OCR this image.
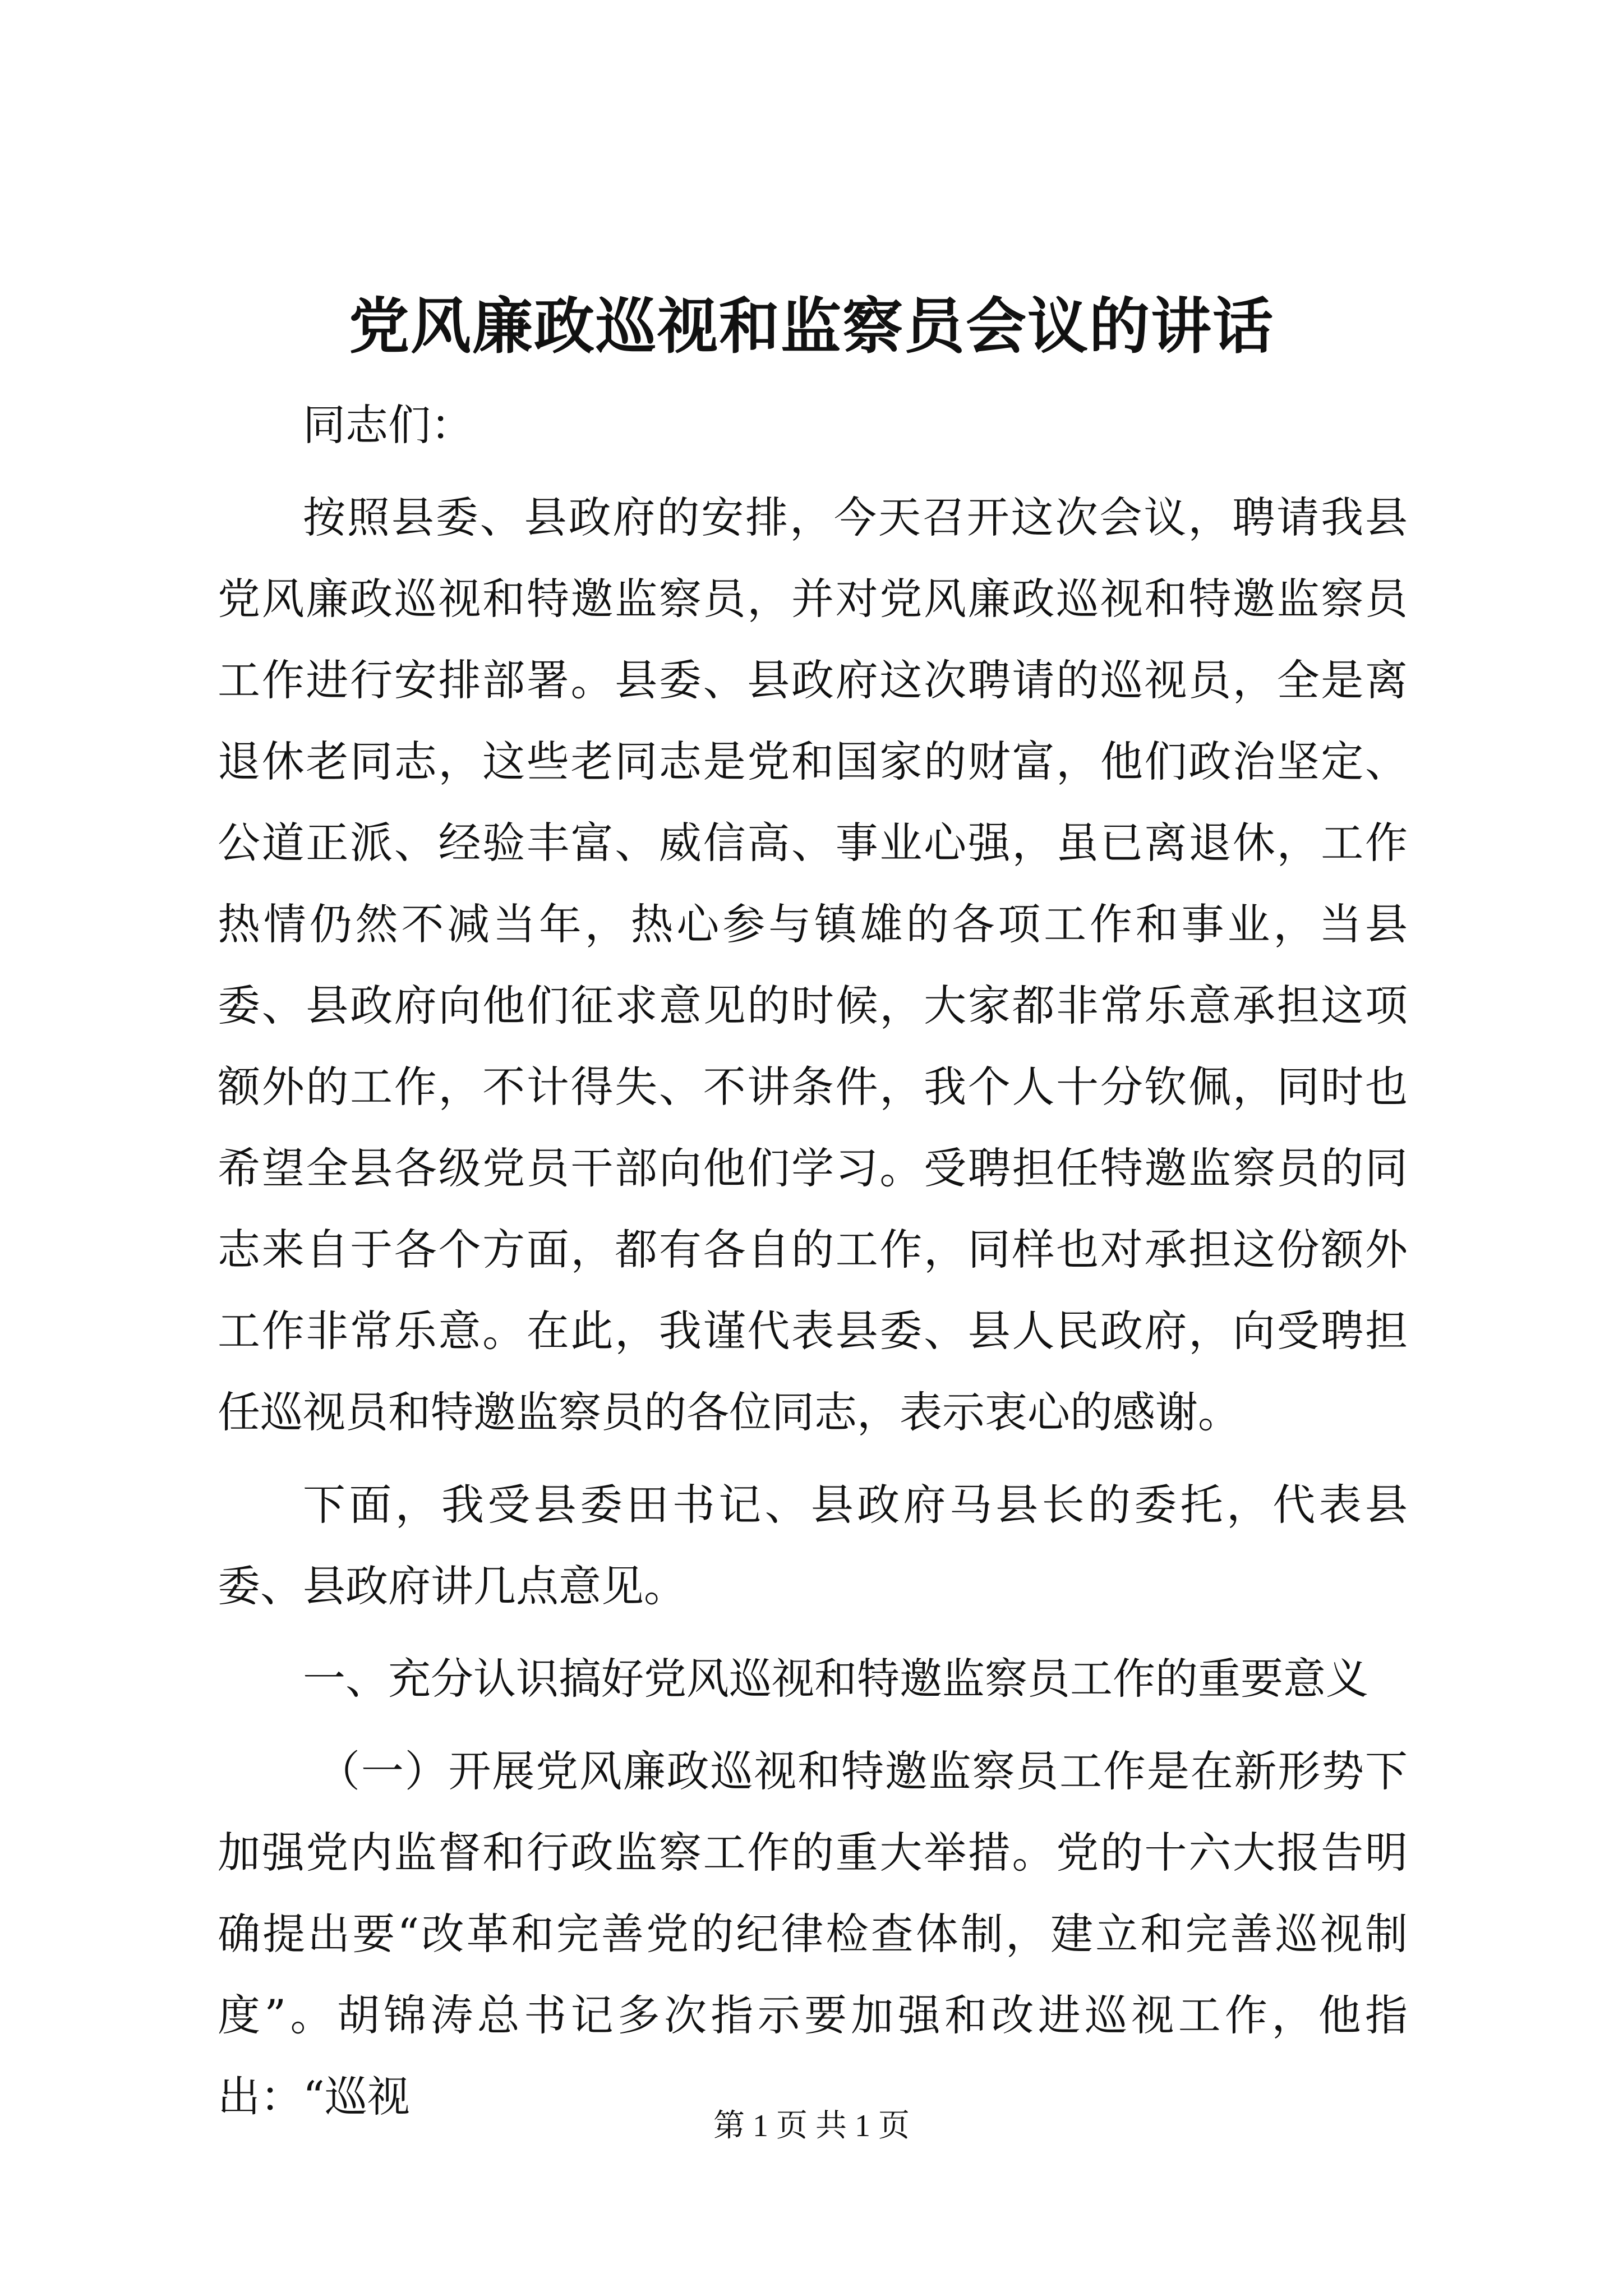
党风廉政巡视和监察员会议的讲话

同志们：

按照县委、县政府的安排，今天召开这次会议，聘请我县党风廉政巡视和特邀监察员，并对党风廉政巡视和特邀监察员工作进行安排部署。县委、县政府这次聘请的巡视员，全是离退休老同志，这些老同志是党和国家的财富，他们政治坚定、公道正派、经验丰富、威信高、事业心强，虽已离退休，工作热情仍然不减当年，热心参与镇雄的各项工作和事业，当县委、县政府向他们征求意见的时候，大家都非常乐意承担这项额外的工作，不计得失、不讲条件，我个人十分钦佩，同时也希望全县各级党员干部向他们学习。受聘担任特邀监察员的同志来自于各个方面，都有各自的工作，同样也对承担这份额外工作非常乐意。在此，我谨代表县委、县人民政府，向受聘担任巡视员和特邀监察员的各位同志，表示衷心的感谢。

下面，我受县委田书记、县政府马县长的委托，代表县委、县政府讲几点意见。

一、充分认识搞好党风巡视和特邀监察员工作的重要意义

（一）开展党风廉政巡视和特邀监察员工作是在新形势下加强党内监督和行政监察工作的重大举措。党的十六大报告明确提出要“改革和完善党的纪律检查体制，建立和完善巡视制度”。胡锦涛总书记多次指示要加强和改进巡视工作，他指出：“巡视

第 1 页 共 1 页
